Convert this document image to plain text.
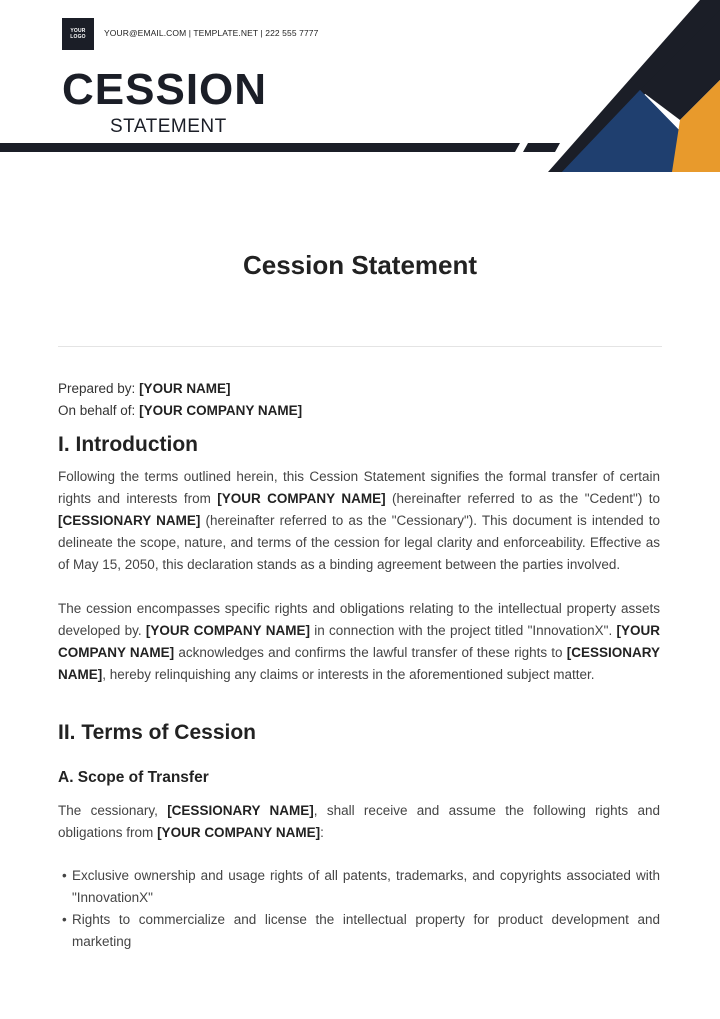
YOUR LOGO	YOUR@EMAIL.COM | TEMPLATE.NET | 222 555 7777
CESSION
STATEMENT
Cession Statement
Prepared by: [YOUR NAME]
On behalf of: [YOUR COMPANY NAME]
I. Introduction

Following the terms outlined herein, this Cession Statement signifies the formal transfer of certain rights and interests from [YOUR COMPANY NAME] (hereinafter referred to as the "Cedent") to [CESSIONARY NAME] (hereinafter referred to as the "Cessionary"). This document is intended to delineate the scope, nature, and terms of the cession for legal clarity and enforceability. Effective as of May 15, 2050, this declaration stands as a binding agreement between the parties involved.

The cession encompasses specific rights and obligations relating to the intellectual property assets developed by. [YOUR COMPANY NAME] in connection with the project titled "InnovationX". [YOUR COMPANY NAME] acknowledges and confirms the lawful transfer of these rights to [CESSIONARY NAME], hereby relinquishing any claims or interests in the aforementioned subject matter.

II. Terms of Cession
A. Scope of Transfer

The cessionary, [CESSIONARY NAME], shall receive and assume the following rights and obligations from [YOUR COMPANY NAME]:

• Exclusive ownership and usage rights of all patents, trademarks, and copyrights associated with "InnovationX"
• Rights to commercialize and license the intellectual property for product development and marketing
